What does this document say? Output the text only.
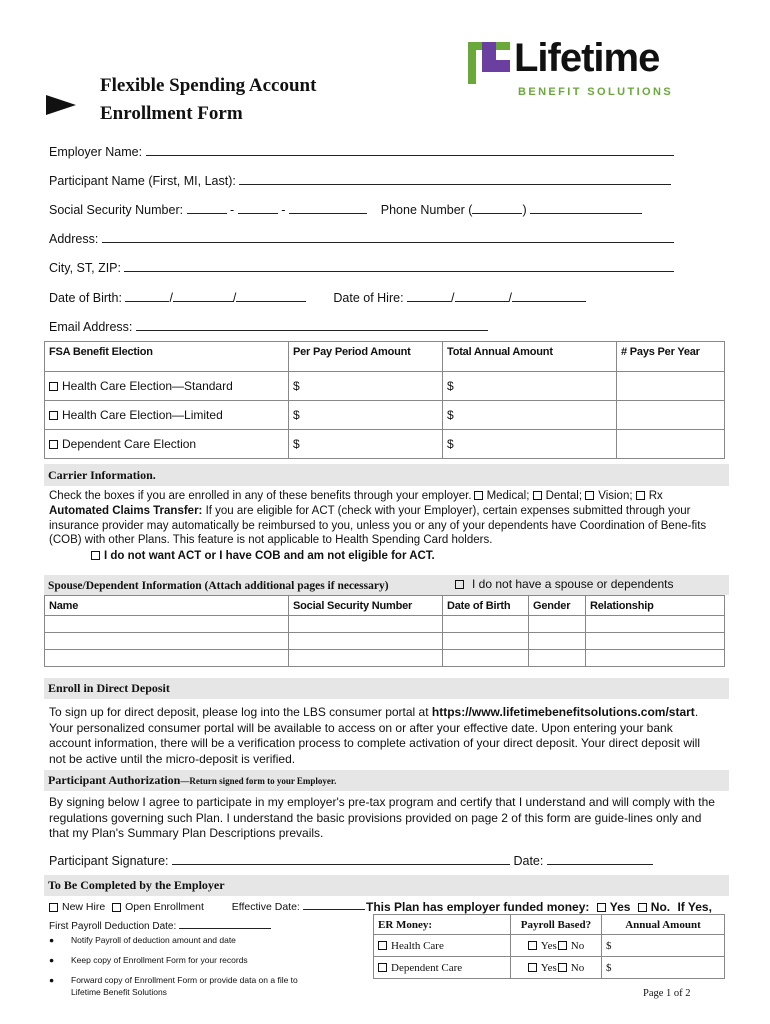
Flexible Spending Account
Enrollment Form
Lifetime
BENEFIT SOLUTIONS
Employer Name:
Participant Name (First, MI, Last):
Social Security Number:	-	-	Phone Number (	)
Address:
City, ST, ZIP:
Date of Birth:	/	/	Date of Hire:	/	/
Email Address:
FSA Benefit Election	Per Pay Period Amount	Total Annual Amount	# Pays Per Year
Health Care Election—Standard	$	$	
Health Care Election—Limited	$	$	
Dependent Care Election	$	$	
Carrier Information.
Check the boxes if you are enrolled in any of these benefits through your employer. Medical; Dental; Vision; Rx
Automated Claims Transfer: If you are eligible for ACT (check with your Employer), certain expenses submitted through your insurance provider may automatically be reimbursed to you, unless you or any of your dependents have Coordination of Bene-fits (COB) with other Plans. This feature is not applicable to Health Spending Card holders.
I do not want ACT or I have COB and am not eligible for ACT.
Spouse/Dependent Information (Attach additional pages if necessary)	I do not have a spouse or dependents
Name	Social Security Number	Date of Birth	Gender	Relationship

Enroll in Direct Deposit
To sign up for direct deposit, please log into the LBS consumer portal at https://www.lifetimebenefitsolutions.com/start. Your personalized consumer portal will be available to access on or after your effective date. Upon entering your bank account information, there will be a verification process to complete activation of your direct deposit. Your direct deposit will not be active until the micro-deposit is verified.
Participant Authorization—Return signed form to your Employer.
By signing below I agree to participate in my employer's pre-tax program and certify that I understand and will comply with the regulations governing such Plan. I understand the basic provisions provided on page 2 of this form are guide-lines only and that my Plan's Summary Plan Descriptions prevails.
Participant Signature:	Date:
To Be Completed by the Employer
New Hire Open Enrollment	Effective Date:
First Payroll Deduction Date:
●	Notify Payroll of deduction amount and date
●	Keep copy of Enrollment Form for your records
●	Forward copy of Enrollment Form or provide data on a file to Lifetime Benefit Solutions
This Plan has employer funded money: Yes No. If Yes,
ER Money:	Payroll Based?	Annual Amount
Health Care	Yes No	$
Dependent Care	Yes No	$
Page 1 of 2
